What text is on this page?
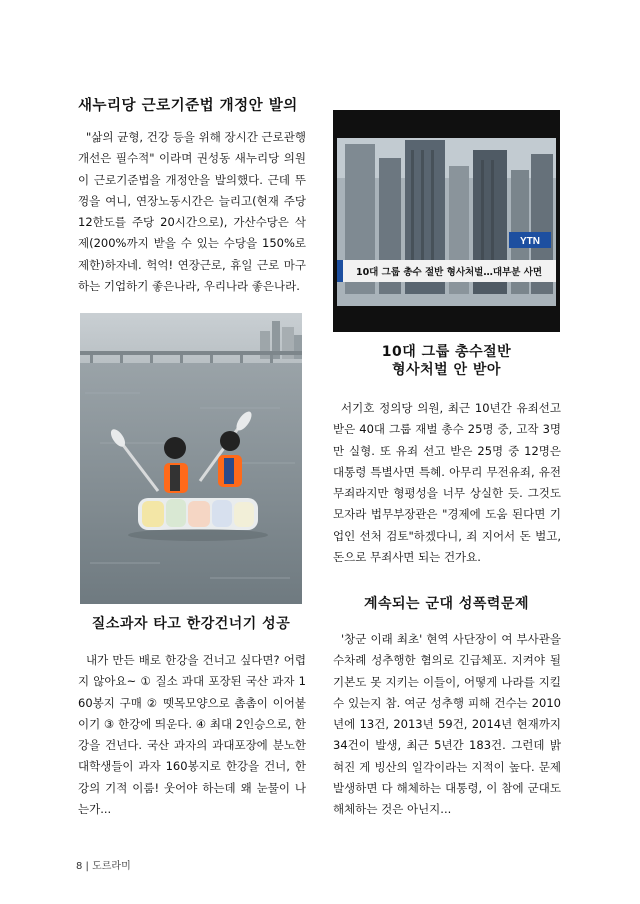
새누리당 근로기준법 개정안 발의
"삶의 균형, 건강 등을 위해 장시간 근로관행 개선은 필수적" 이라며 권성동 새누리당 의원이 근로기준법을 개정안을 발의했다. 근데 뚜껑을 여니, 연장노동시간은 늘리고(현재 주당 12한도를 주당 20시간으로), 가산수당은 삭제(200%까지 받을 수 있는 수당을 150%로 제한)하자네. 헉억! 연장근로, 휴일 근로 마구하는 기업하기 좋은나라, 우리나라 좋은나라.
질소과자 타고 한강건너기 성공
내가 만든 배로 한강을 건너고 싶다면? 어렵지 않아요~ ① 질소 과대 포장된 국산 과자 160봉지 구매 ② 뗏목모양으로 촘촘이 이어붙이기 ③ 한강에 띄운다. ④ 최대 2인승으로, 한강을 건넌다. 국산 과자의 과대포장에 분노한 대학생들이 과자 160봉지로 한강을 건너, 한강의 기적 이룸! 웃어야 하는데 왜 눈물이 나는가...
YTN
10대 그룹 총수 절반 형사처벌…대부분 사면
10대 그룹 총수절반
형사처벌 안 받아
서기호 정의당 의원, 최근 10년간 유죄선고 받은 40대 그룹 재벌 총수 25명 중, 고작 3명만 실형. 또 유죄 선고 받은 25명 중 12명은 대통령 특별사면 특혜. 아무리 무전유죄, 유전무죄라지만 형평성을 너무 상실한 듯. 그것도 모자라 법무부장관은 "경제에 도움 된다면 기업인 선처 검토"하겠다니, 죄 지어서 돈 벌고, 돈으로 무죄사면 되는 건가요.
계속되는 군대 성폭력문제
'창군 이래 최초' 현역 사단장이 여 부사관을 수차례 성추행한 혐의로 긴급체포. 지켜야 될 기본도 못 지키는 이들이, 어떻게 나라를 지킬 수 있는지 참. 여군 성추행 피해 건수는 2010년에 13건, 2013년 59건, 2014년 현재까지 34건이 발생, 최근 5년간 183건. 그런데 밝혀진 게 빙산의 일각이라는 지적이 높다. 문제 발생하면 다 해체하는 대통령, 이 참에 군대도 해체하는 것은 아닌지...
8 | 도르라미
